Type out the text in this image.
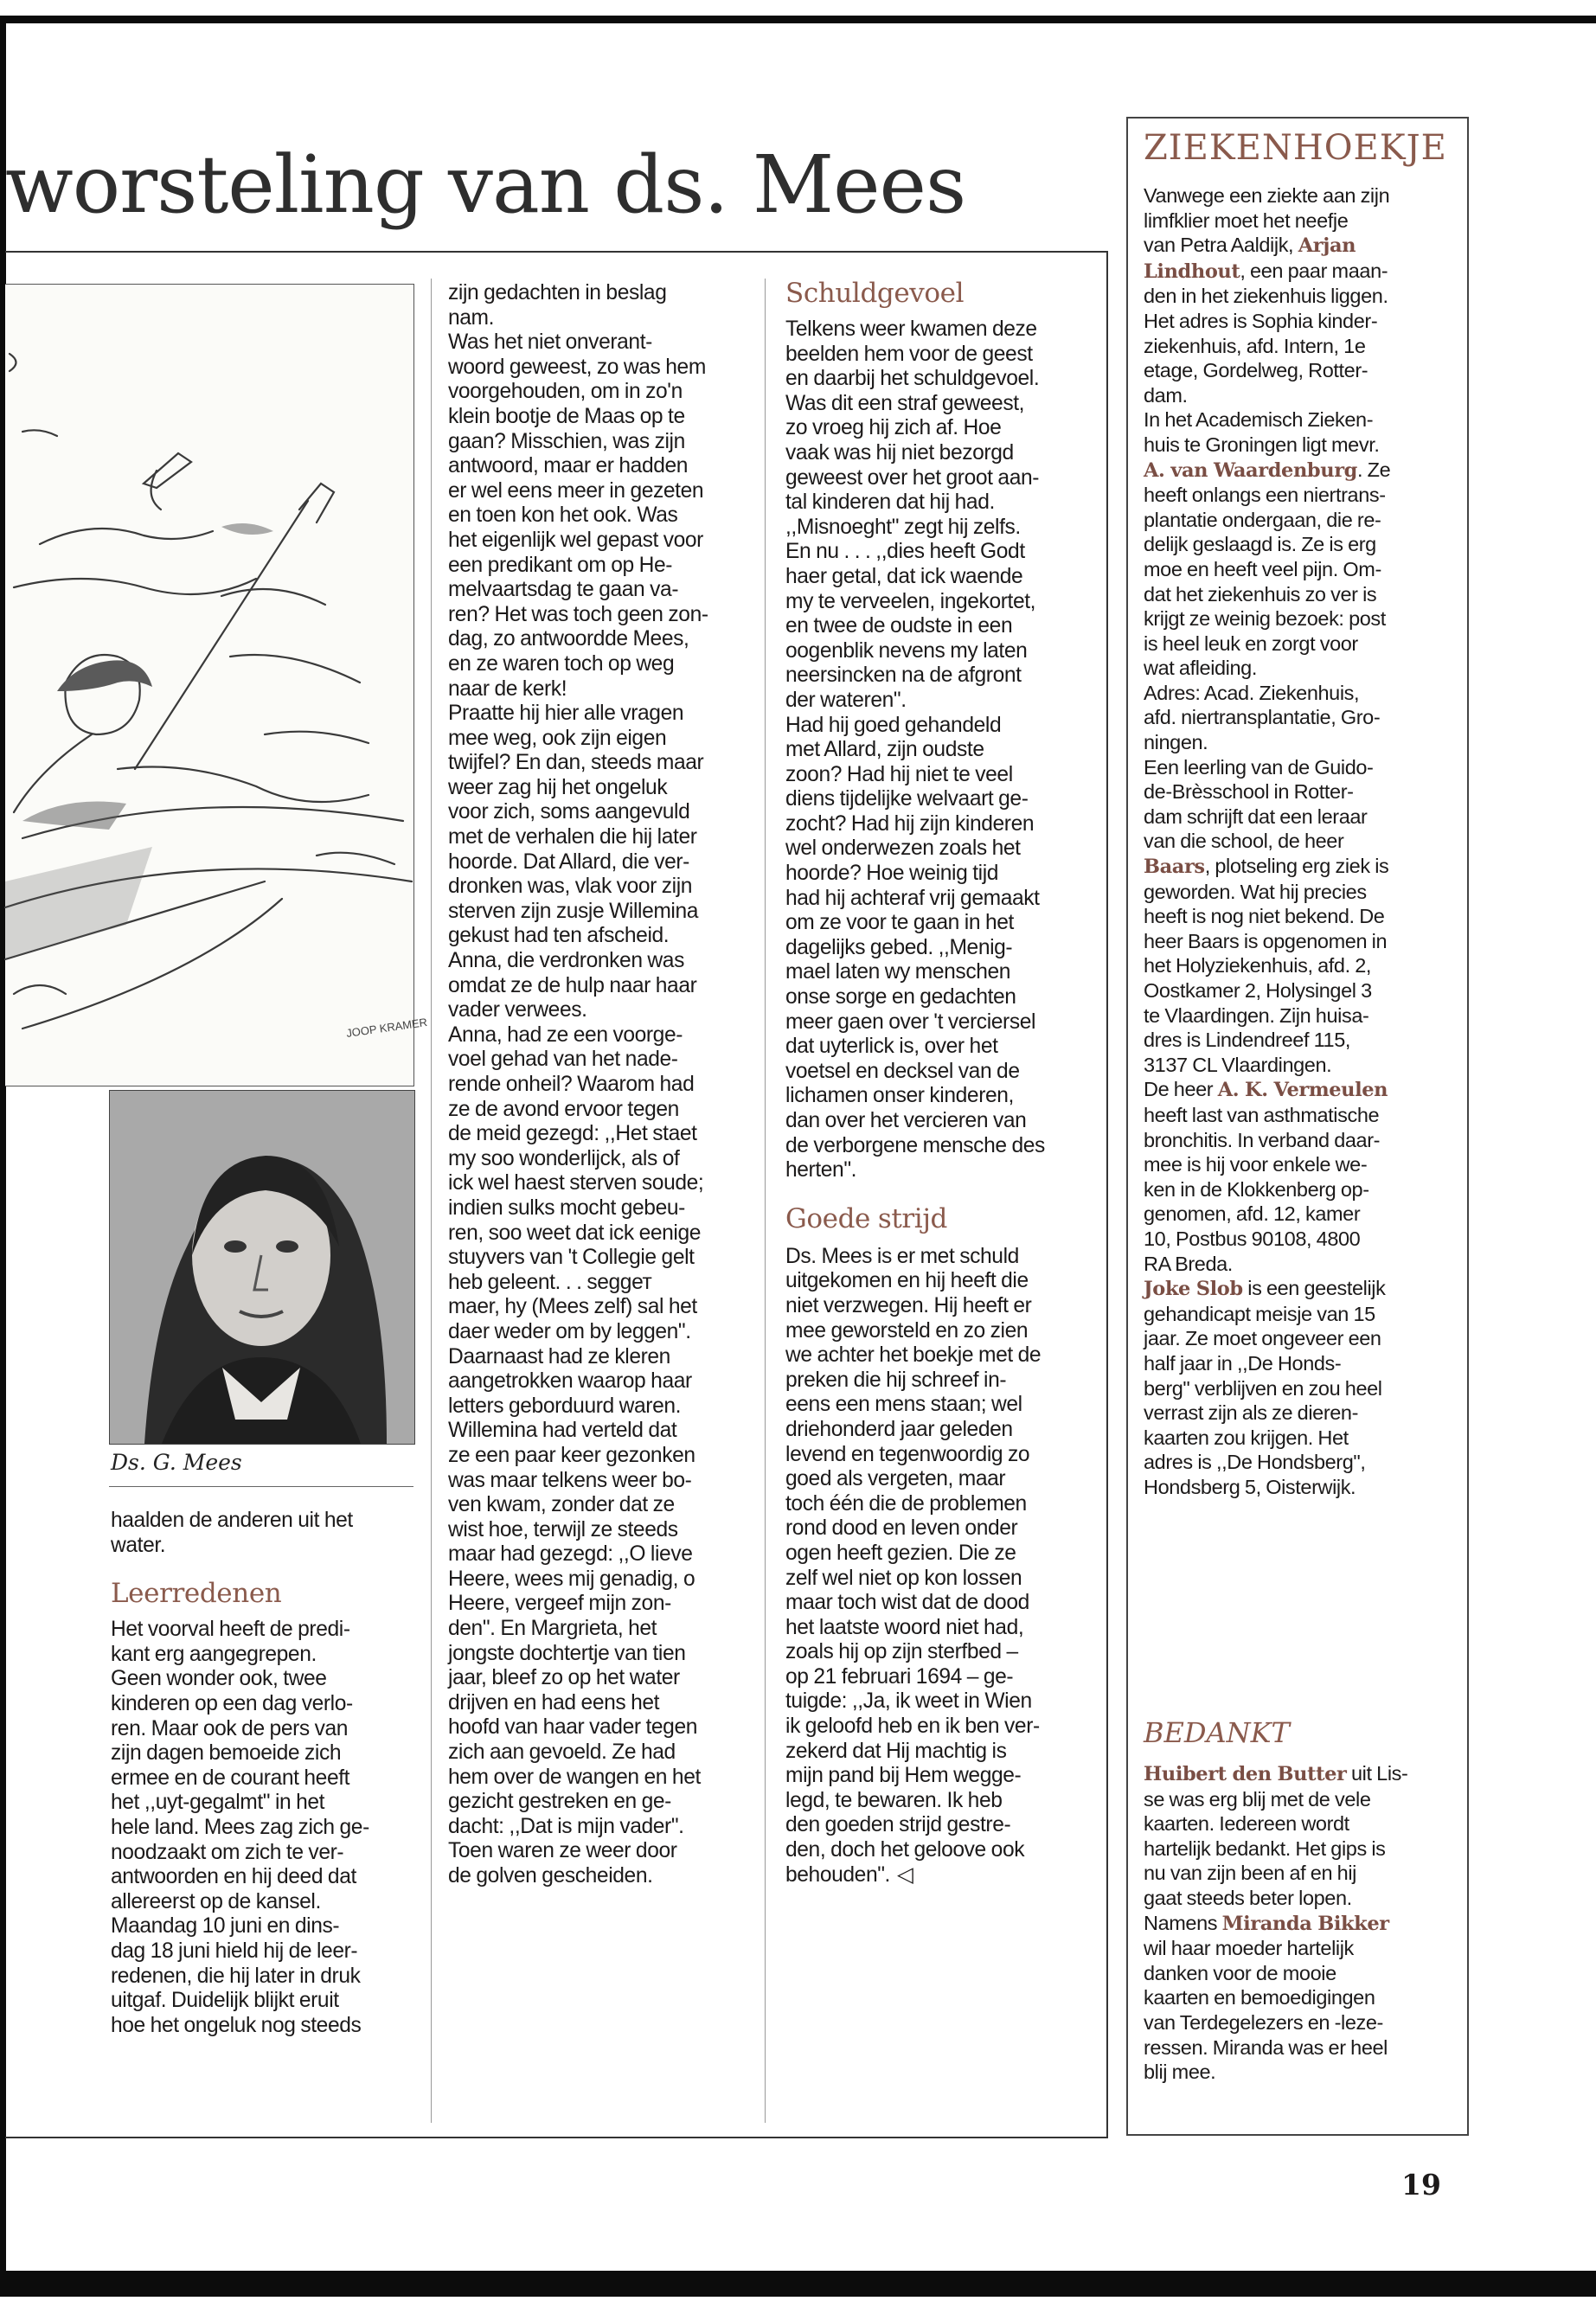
worsteling van ds. Mees
JOOP KRAMER
Ds. G. Mees

haalden de anderen uit het

water.

Leerredenen

Het voorval heeft de predi-

kant erg aangegrepen.

Geen wonder ook, twee

kinderen op een dag verlo-

ren. Maar ook de pers van

zijn dagen bemoeide zich

ermee en de courant heeft

het ,,uyt-gegalmt" in het

hele land. Mees zag zich ge-

noodzaakt om zich te ver-

antwoorden en hij deed dat

allereerst op de kansel.

Maandag 10 juni en dins-

dag 18 juni hield hij de leer-

redenen, die hij later in druk

uitgaf. Duidelijk blijkt eruit

hoe het ongeluk nog steeds

zijn gedachten in beslag

nam.

Was het niet onverant-

woord geweest, zo was hem

voorgehouden, om in zo'n

klein bootje de Maas op te

gaan? Misschien, was zijn

antwoord, maar er hadden

er wel eens meer in gezeten

en toen kon het ook. Was

het eigenlijk wel gepast voor

een predikant om op He-

melvaartsdag te gaan va-

ren? Het was toch geen zon-

dag, zo antwoordde Mees,

en ze waren toch op weg

naar de kerk!

Praatte hij hier alle vragen

mee weg, ook zijn eigen

twijfel? En dan, steeds maar

weer zag hij het ongeluk

voor zich, soms aangevuld

met de verhalen die hij later

hoorde. Dat Allard, die ver-

dronken was, vlak voor zijn

sterven zijn zusje Willemina

gekust had ten afscheid.

Anna, die verdronken was

omdat ze de hulp naar haar

vader verwees.

Anna, had ze een voorge-

voel gehad van het nade-

rende onheil? Waarom had

ze de avond ervoor tegen

de meid gezegd: ,,Het staet

my soo wonderlijck, als of

ick wel haest sterven soude;

indien sulks mocht gebeu-

ren, soo weet dat ick eenige

stuyvers van 't Collegie gelt

heb geleent. . . seggет

maer, hy (Mees zelf) sal het

daer weder om by leggen".

Daarnaast had ze kleren

aangetrokken waarop haar

letters geborduurd waren.

Willemina had verteld dat

ze een paar keer gezonken

was maar telkens weer bo-

ven kwam, zonder dat ze

wist hoe, terwijl ze steeds

maar had gezegd: ,,O lieve

Heere, wees mij genadig, o

Heere, vergeef mijn zon-

den". En Margrieta, het

jongste dochtertje van tien

jaar, bleef zo op het water

drijven en had eens het

hoofd van haar vader tegen

zich aan gevoeld. Ze had

hem over de wangen en het

gezicht gestreken en ge-

dacht: ,,Dat is mijn vader".

Toen waren ze weer door

de golven gescheiden.

Schuldgevoel

Telkens weer kwamen deze

beelden hem voor de geest

en daarbij het schuldgevoel.

Was dit een straf geweest,

zo vroeg hij zich af. Hoe

vaak was hij niet bezorgd

geweest over het groot aan-

tal kinderen dat hij had.

,,Misnoeght" zegt hij zelfs.

En nu . . . ,,dies heeft Godt

haer getal, dat ick waende

my te verveelen, ingekortet,

en twee de oudste in een

oogenblik nevens my laten

neersincken na de afgront

der wateren".

Had hij goed gehandeld

met Allard, zijn oudste

zoon? Had hij niet te veel

diens tijdelijke welvaart ge-

zocht? Had hij zijn kinderen

wel onderwezen zoals het

hoorde? Hoe weinig tijd

had hij achteraf vrij gemaakt

om ze voor te gaan in het

dagelijks gebed. ,,Menig-

mael laten wy menschen

onse sorge en gedachten

meer gaen over 't verciersel

dat uyterlick is, over het

voetsel en decksel van de

lichamen onser kinderen,

dan over het vercieren van

de verborgene mensche des

herten".

Goede strijd

Ds. Mees is er met schuld

uitgekomen en hij heeft die

niet verzwegen. Hij heeft er

mee geworsteld en zo zien

we achter het boekje met de

preken die hij schreef in-

eens een mens staan; wel

driehonderd jaar geleden

levend en tegenwoordig zo

goed als vergeten, maar

toch één die de problemen

rond dood en leven onder

ogen heeft gezien. Die ze

zelf wel niet op kon lossen

maar toch wist dat de dood

het laatste woord niet had,

zoals hij op zijn sterfbed –

op 21 februari 1694 – ge-

tuigde: ,,Ja, ik weet in Wien

ik geloofd heb en ik ben ver-

zekerd dat Hij machtig is

mijn pand bij Hem wegge-

legd, te bewaren. Ik heb

den goeden strijd gestre-

den, doch het geloove ook

behouden". ◁

ZIEKENHOEKJE

Vanwege een ziekte aan zijn

limfklier moet het neefje

van Petra Aaldijk, Arjan

Lindhout, een paar maan-

den in het ziekenhuis liggen.

Het adres is Sophia kinder-

ziekenhuis, afd. Intern, 1e

etage, Gordelweg, Rotter-

dam.

In het Academisch Zieken-

huis te Groningen ligt mevr.

A. van Waardenburg. Ze

heeft onlangs een niertrans-

plantatie ondergaan, die re-

delijk geslaagd is. Ze is erg

moe en heeft veel pijn. Om-

dat het ziekenhuis zo ver is

krijgt ze weinig bezoek: post

is heel leuk en zorgt voor

wat afleiding.

Adres: Acad. Ziekenhuis,

afd. niertransplantatie, Gro-

ningen.

Een leerling van de Guido-

de-Brèsschool in Rotter-

dam schrijft dat een leraar

van die school, de heer

Baars, plotseling erg ziek is

geworden. Wat hij precies

heeft is nog niet bekend. De

heer Baars is opgenomen in

het Holyziekenhuis, afd. 2,

Oostkamer 2, Holysingel 3

te Vlaardingen. Zijn huisa-

dres is Lindendreef 115,

3137 CL Vlaardingen.

De heer A. K. Vermeulen

heeft last van asthmatische

bronchitis. In verband daar-

mee is hij voor enkele we-

ken in de Klokkenberg op-

genomen, afd. 12, kamer

10, Postbus 90108, 4800

RA Breda.

Joke Slob is een geestelijk

gehandicapt meisje van 15

jaar. Ze moet ongeveer een

half jaar in ,,De Honds-

berg" verblijven en zou heel

verrast zijn als ze dieren-

kaarten zou krijgen. Het

adres is ,,De Hondsberg",

Hondsberg 5, Oisterwijk.

BEDANKT

Huibert den Butter uit Lis-

se was erg blij met de vele

kaarten. Iedereen wordt

hartelijk bedankt. Het gips is

nu van zijn been af en hij

gaat steeds beter lopen.

Namens Miranda Bikker

wil haar moeder hartelijk

danken voor de mooie

kaarten en bemoedigingen

van Terdegelezers en -leze-

ressen. Miranda was er heel

blij mee.

19
